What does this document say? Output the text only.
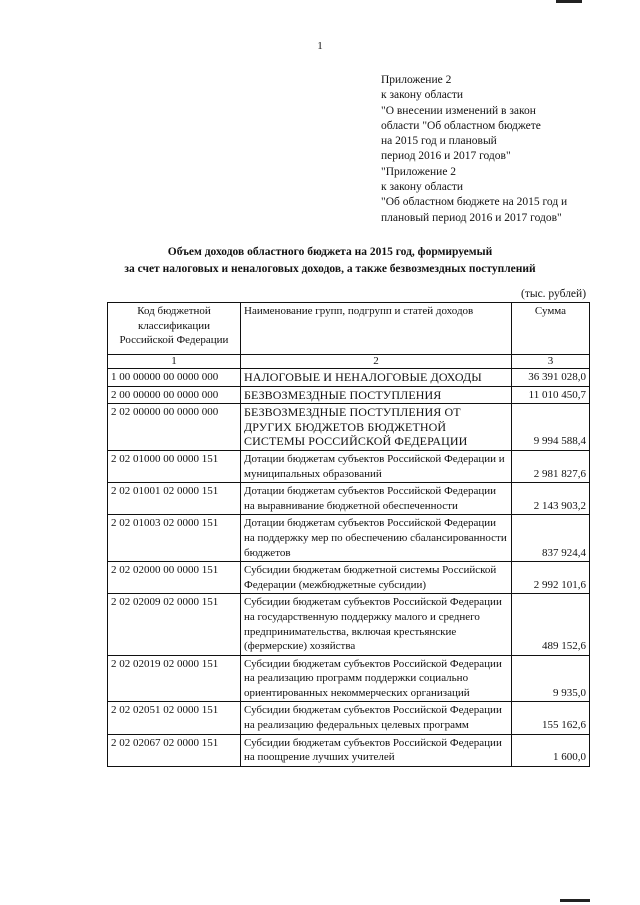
1
Приложение 2
к закону области
"О внесении изменений в закон
области "Об областном бюджете
на 2015 год и плановый
период 2016 и 2017 годов"
"Приложение 2
к закону области
"Об областном бюджете на 2015 год и
плановый период 2016 и 2017 годов"
Объем доходов областного бюджета на 2015 год, формируемый
за счет налоговых и неналоговых доходов, а также безвозмездных поступлений
(тыс. рублей)
Код бюджетной классификации Российской Федерации	Наименование групп, подгрупп и статей доходов	Сумма
1	2	3
1 00 00000 00 0000 000	НАЛОГОВЫЕ И НЕНАЛОГОВЫЕ ДОХОДЫ	36 391 028,0
2 00 00000 00 0000 000	БЕЗВОЗМЕЗДНЫЕ ПОСТУПЛЕНИЯ	11 010 450,7
2 02 00000 00 0000 000	БЕЗВОЗМЕЗДНЫЕ ПОСТУПЛЕНИЯ ОТ ДРУГИХ БЮДЖЕТОВ БЮДЖЕТНОЙ СИСТЕМЫ РОССИЙСКОЙ ФЕДЕРАЦИИ	9 994 588,4
2 02 01000 00 0000 151	Дотации бюджетам субъектов Российской Федерации и муниципальных образований	2 981 827,6
2 02 01001 02 0000 151	Дотации бюджетам субъектов Российской Федерации на выравнивание бюджетной обеспеченности	2 143 903,2
2 02 01003 02 0000 151	Дотации бюджетам субъектов Российской Федерации на поддержку мер по обеспечению сбалансированности бюджетов	837 924,4
2 02 02000 00 0000 151	Субсидии бюджетам бюджетной системы Российской Федерации (межбюджетные субсидии)	2 992 101,6
2 02 02009 02 0000 151	Субсидии бюджетам субъектов Российской Федерации на государственную поддержку малого и среднего предпринимательства, включая крестьянские (фермерские) хозяйства	489 152,6
2 02 02019 02 0000 151	Субсидии бюджетам субъектов Российской Федерации на реализацию программ поддержки социально ориентированных некоммерческих организаций	9 935,0
2 02 02051 02 0000 151	Субсидии бюджетам субъектов Российской Федерации на реализацию федеральных целевых программ	155 162,6
2 02 02067 02 0000 151	Субсидии бюджетам субъектов Российской Федерации на поощрение лучших учителей	1 600,0
